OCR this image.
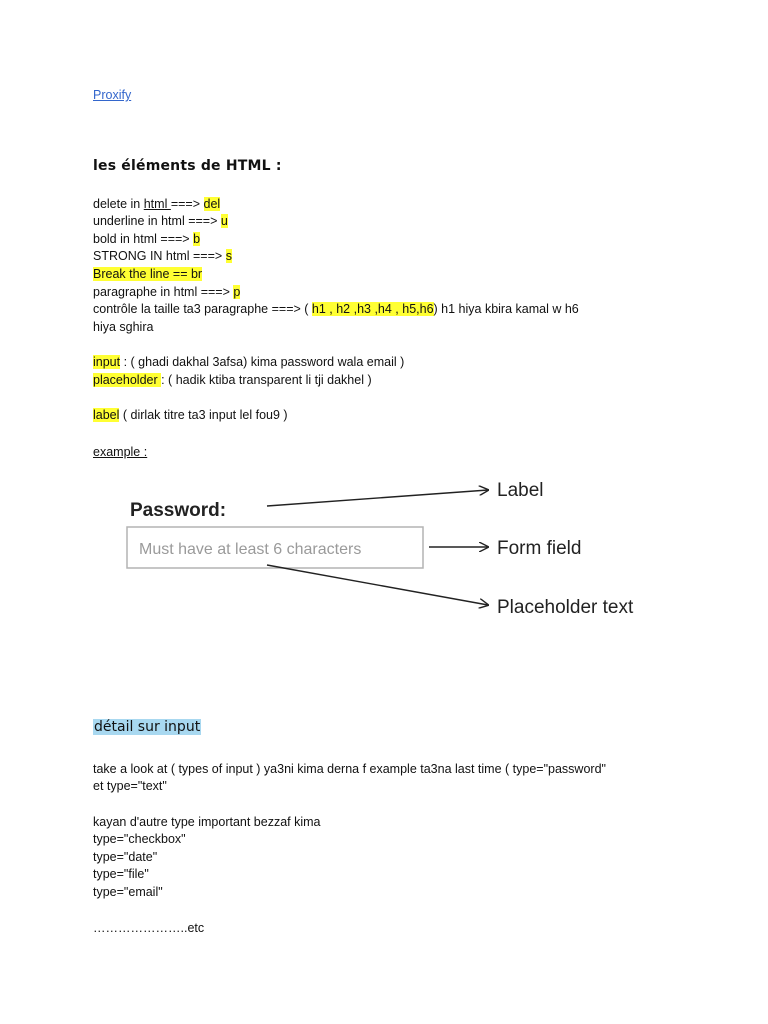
Proxify
les éléments de HTML :
delete in html ===> del
underline in html ===> u
bold in html ===> b
STRONG IN html ===> s
Break the line == br
paragraphe in html ===> p
contrôle la taille ta3 paragraphe ===> ( h1 , h2 ,h3 ,h4 , h5,h6) h1 hiya kbira kamal w h6
hiya sghira
input : ( ghadi dakhal 3afsa) kima password wala email )
placeholder : ( hadik ktiba transparent li tji dakhel )
label ( dirlak titre ta3 input lel fou9 )
example :
Password:
Must have at least 6 characters
Label
Form field
Placeholder text
détail sur input
take a look at ( types of input ) ya3ni kima derna f example ta3na last time ( type="password"
et type="text"
kayan d'autre type important bezzaf kima
type="checkbox"
type="date"
type="file"
type="email"
…………………..etc
